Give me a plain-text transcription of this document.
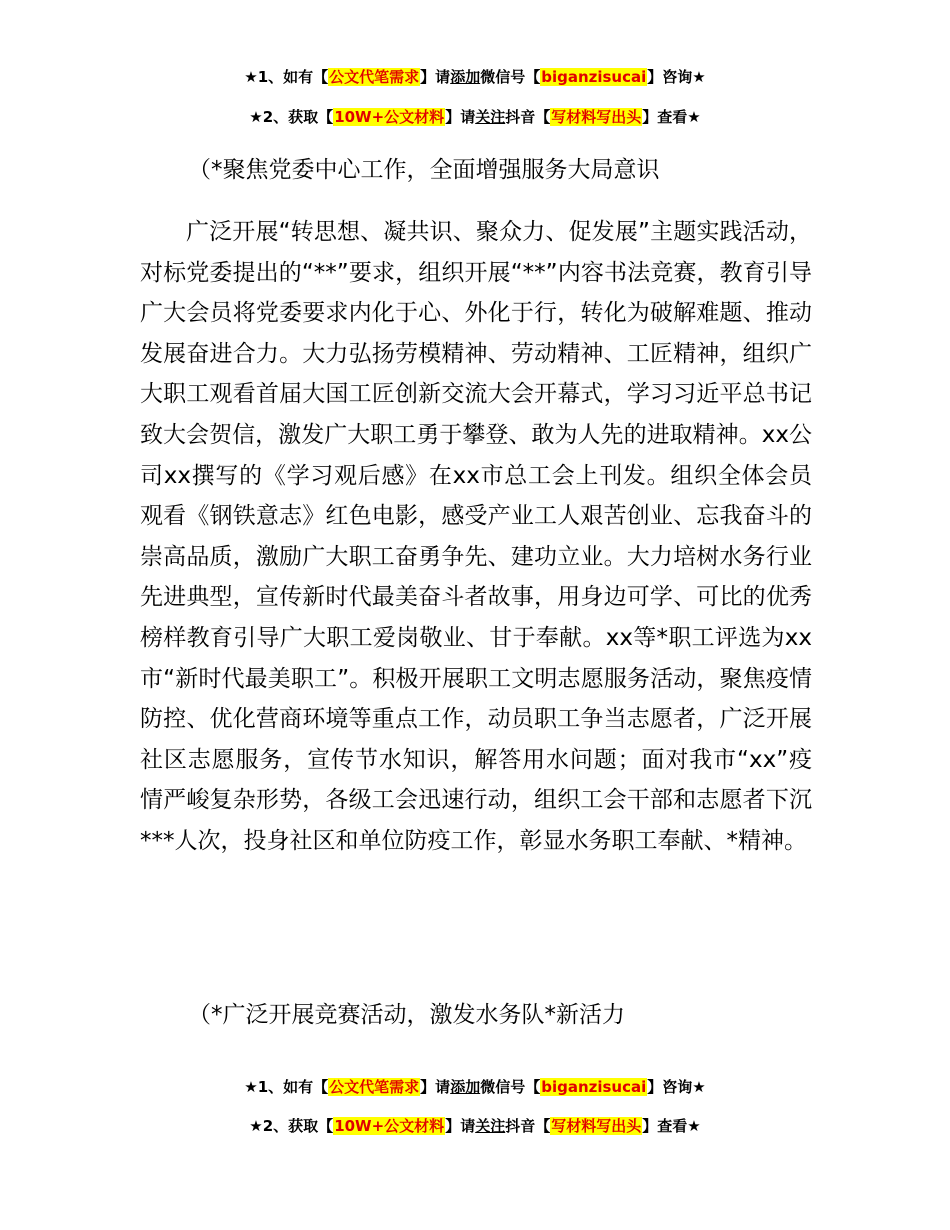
★1、如有【公文代笔需求】请添加微信号【biganzisucai】咨询★
★2、获取【10W+公文材料】请关注抖音【写材料写出头】查看★
（*聚焦党委中心工作，全面增强服务大局意识

广泛开展“转思想、凝共识、聚众力、促发展”主题实践活动，对标党委提出的“**”要求，组织开展“**”内容书法竞赛，教育引导广大会员将党委要求内化于心、外化于行，转化为破解难题、推动发展奋进合力。大力弘扬劳模精神、劳动精神、工匠精神，组织广大职工观看首届大国工匠创新交流大会开幕式，学习习近平总书记致大会贺信，激发广大职工勇于攀登、敢为人先的进取精神。xx公司xx撰写的《学习观后感》在xx市总工会上刊发。组织全体会员观看《钢铁意志》红色电影，感受产业工人艰苦创业、忘我奋斗的崇高品质，激励广大职工奋勇争先、建功立业。大力培树水务行业先进典型，宣传新时代最美奋斗者故事，用身边可学、可比的优秀榜样教育引导广大职工爱岗敬业、甘于奉献。xx等*职工评选为xx市“新时代最美职工”。积极开展职工文明志愿服务活动，聚焦疫情防控、优化营商环境等重点工作，动员职工争当志愿者，广泛开展社区志愿服务，宣传节水知识，解答用水问题；面对我市“xx”疫情严峻复杂形势，各级工会迅速行动，组织工会干部和志愿者下沉***人次，投身社区和单位防疫工作，彰显水务职工奉献、*精神。

（*广泛开展竞赛活动，激发水务队*新活力
★1、如有【公文代笔需求】请添加微信号【biganzisucai】咨询★
★2、获取【10W+公文材料】请关注抖音【写材料写出头】查看★
